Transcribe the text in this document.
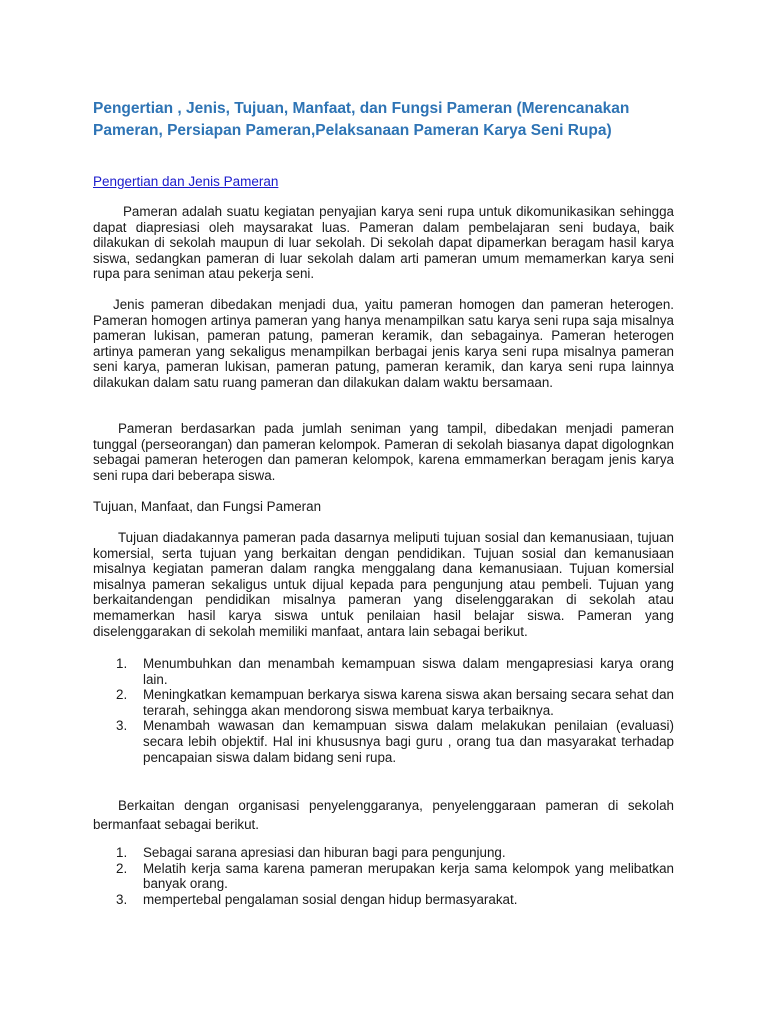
Pengertian , Jenis, Tujuan, Manfaat, dan Fungsi Pameran (Merencanakan Pameran, Persiapan Pameran,Pelaksanaan Pameran Karya Seni Rupa)
Pengertian dan Jenis Pameran

Pameran adalah suatu kegiatan penyajian karya seni rupa untuk dikomunikasikan sehingga dapat diapresiasi oleh maysarakat luas. Pameran dalam pembelajaran seni budaya, baik dilakukan di sekolah maupun di luar sekolah. Di sekolah dapat dipamerkan beragam hasil karya siswa, sedangkan pameran di luar sekolah dalam arti pameran umum memamerkan karya seni rupa para seniman atau pekerja seni.

Jenis pameran dibedakan menjadi dua, yaitu pameran homogen dan pameran heterogen. Pameran homogen artinya pameran yang hanya menampilkan satu karya seni rupa saja misalnya pameran lukisan, pameran patung, pameran keramik, dan sebagainya. Pameran heterogen artinya pameran yang sekaligus menampilkan berbagai jenis karya seni rupa misalnya pameran seni karya, pameran lukisan, pameran patung, pameran keramik, dan karya seni rupa lainnya dilakukan dalam satu ruang pameran dan dilakukan dalam waktu bersamaan.

Pameran berdasarkan pada jumlah seniman yang tampil, dibedakan menjadi pameran tunggal (perseorangan) dan pameran kelompok. Pameran di sekolah biasanya dapat digolognkan sebagai pameran heterogen dan pameran kelompok, karena emmamerkan beragam jenis karya seni rupa dari beberapa siswa.

Tujuan, Manfaat, dan Fungsi Pameran

Tujuan diadakannya pameran pada dasarnya meliputi tujuan sosial dan kemanusiaan, tujuan komersial, serta tujuan yang berkaitan dengan pendidikan. Tujuan sosial dan kemanusiaan misalnya kegiatan pameran dalam rangka menggalang dana kemanusiaan. Tujuan komersial misalnya pameran sekaligus untuk dijual kepada para pengunjung atau pembeli. Tujuan yang berkaitandengan pendidikan misalnya pameran yang diselenggarakan di sekolah atau memamerkan hasil karya siswa untuk penilaian hasil belajar siswa. Pameran yang diselenggarakan di sekolah memiliki manfaat, antara lain sebagai berikut.

1. Menumbuhkan dan menambah kemampuan siswa dalam mengapresiasi karya orang lain.
2. Meningkatkan kemampuan berkarya siswa karena siswa akan bersaing secara sehat dan terarah, sehingga akan mendorong siswa membuat karya terbaiknya.
3. Menambah wawasan dan kemampuan siswa dalam melakukan penilaian (evaluasi) secara lebih objektif. Hal ini khususnya bagi guru , orang tua dan masyarakat terhadap pencapaian siswa dalam bidang seni rupa.

Berkaitan dengan organisasi penyelenggaranya, penyelenggaraan pameran di sekolah bermanfaat sebagai berikut.

1. Sebagai sarana apresiasi dan hiburan bagi para pengunjung.
2. Melatih kerja sama karena pameran merupakan kerja sama kelompok yang melibatkan banyak orang.
3. mempertebal pengalaman sosial dengan hidup bermasyarakat.
